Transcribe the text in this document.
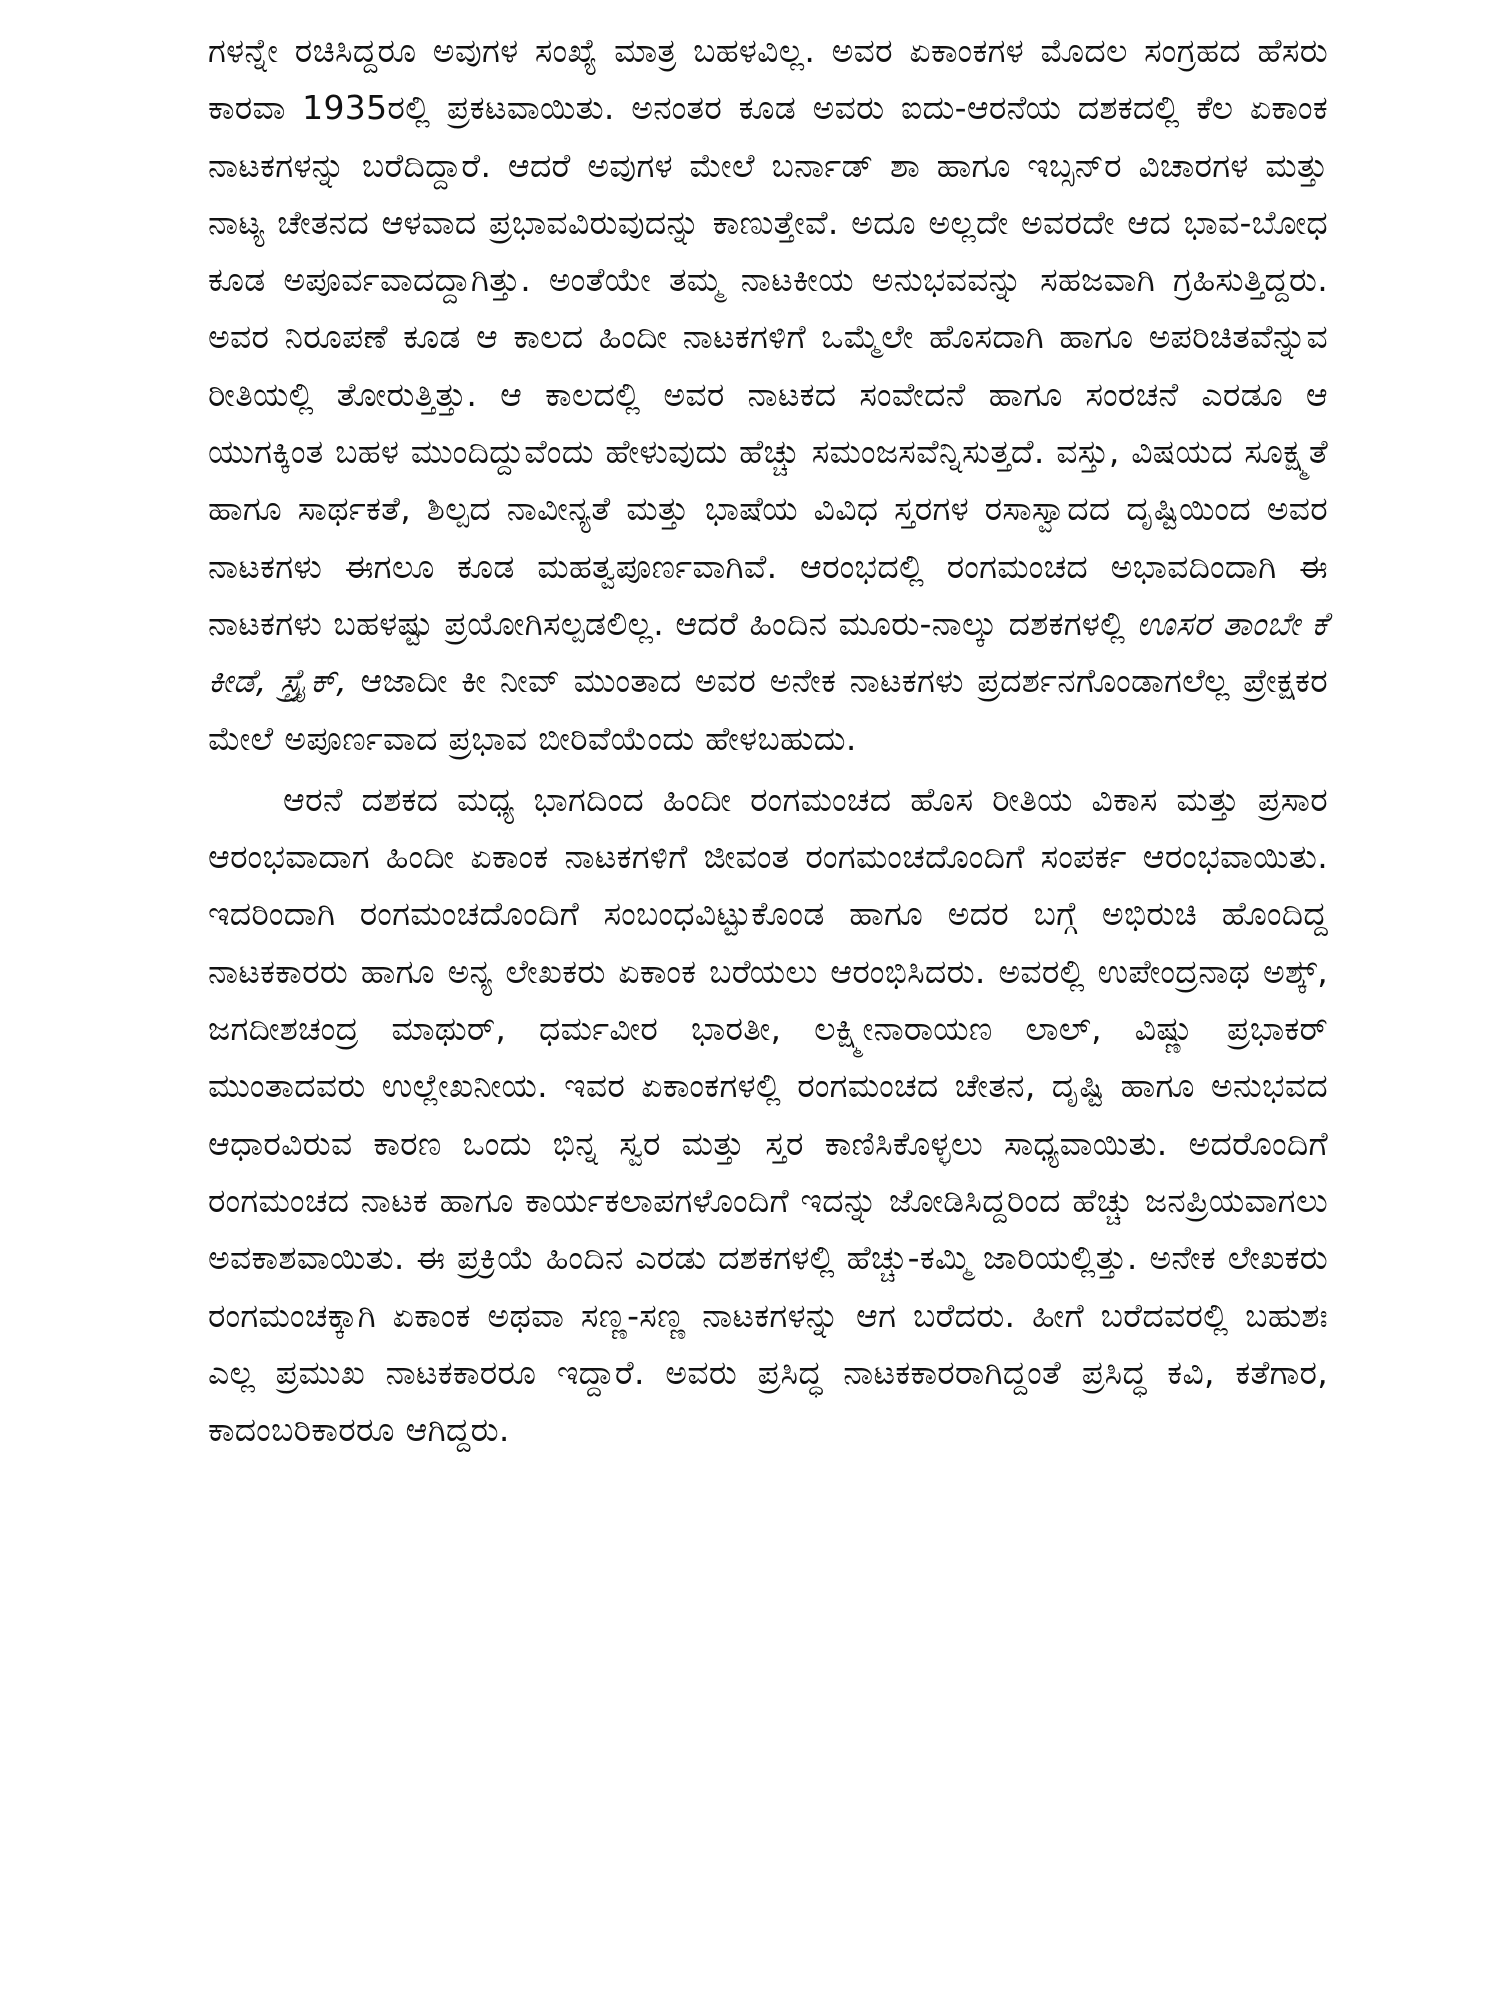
ಗಳನ್ನೇ ರಚಿಸಿದ್ದರೂ ಅವುಗಳ ಸಂಖ್ಯೆ ಮಾತ್ರ ಬಹಳವಿಲ್ಲ. ಅವರ ಏಕಾಂಕಗಳ ಮೊದಲ ಸಂಗ್ರಹದ ಹೆಸರು ಕಾರವಾ 1935ರಲ್ಲಿ ಪ್ರಕಟವಾಯಿತು. ಅನಂತರ ಕೂಡ ಅವರು ಐದು-ಆರನೆಯ ದಶಕದಲ್ಲಿ ಕೆಲ ಏಕಾಂಕ ನಾಟಕಗಳನ್ನು ಬರೆದಿದ್ದಾರೆ. ಆದರೆ ಅವುಗಳ ಮೇಲೆ ಬರ್ನಾಡ್ ಶಾ ಹಾಗೂ ಇಬ್ಸನ್‌ರ ವಿಚಾರಗಳ ಮತ್ತು ನಾಟ್ಯ ಚೇತನದ ಆಳವಾದ ಪ್ರಭಾವವಿರುವುದನ್ನು ಕಾಣುತ್ತೇವೆ. ಅದೂ ಅಲ್ಲದೇ ಅವರದೇ ಆದ ಭಾವ-ಬೋಧ ಕೂಡ ಅಪೂರ್ವವಾದದ್ದಾಗಿತ್ತು. ಅಂತೆಯೇ ತಮ್ಮ ನಾಟಕೀಯ ಅನುಭವವನ್ನು ಸಹಜವಾಗಿ ಗ್ರಹಿಸುತ್ತಿದ್ದರು. ಅವರ ನಿರೂಪಣೆ ಕೂಡ ಆ ಕಾಲದ ಹಿಂದೀ ನಾಟಕಗಳಿಗೆ ಒಮ್ಮೆಲೇ ಹೊಸದಾಗಿ ಹಾಗೂ ಅಪರಿಚಿತವೆನ್ನುವ ರೀತಿಯಲ್ಲಿ ತೋರುತ್ತಿತ್ತು. ಆ ಕಾಲದಲ್ಲಿ ಅವರ ನಾಟಕದ ಸಂವೇದನೆ ಹಾಗೂ ಸಂರಚನೆ ಎರಡೂ ಆ ಯುಗಕ್ಕಿಂತ ಬಹಳ ಮುಂದಿದ್ದುವೆಂದು ಹೇಳುವುದು ಹೆಚ್ಚು ಸಮಂಜಸವೆನ್ನಿಸುತ್ತದೆ. ವಸ್ತು, ವಿಷಯದ ಸೂಕ್ಷ್ಮತೆ ಹಾಗೂ ಸಾರ್ಥಕತೆ, ಶಿಲ್ಪದ ನಾವೀನ್ಯತೆ ಮತ್ತು ಭಾಷೆಯ ವಿವಿಧ ಸ್ತರಗಳ ರಸಾಸ್ವಾದದ ದೃಷ್ಟಿಯಿಂದ ಅವರ ನಾಟಕಗಳು ಈಗಲೂ ಕೂಡ ಮಹತ್ವಪೂರ್ಣವಾಗಿವೆ. ಆರಂಭದಲ್ಲಿ ರಂಗಮಂಚದ ಅಭಾವದಿಂದಾಗಿ ಈ ನಾಟಕಗಳು ಬಹಳಷ್ಟು ಪ್ರಯೋಗಿಸಲ್ಪಡಲಿಲ್ಲ. ಆದರೆ ಹಿಂದಿನ ಮೂರು-ನಾಲ್ಕು ದಶಕಗಳಲ್ಲಿ ಊಸರ ತಾಂಬೇ ಕೆ ಕೀಡೆ, ಸ್ಟ್ರೈಕ್, ಆಜಾದೀ ಕೀ ನೀವ್ ಮುಂತಾದ ಅವರ ಅನೇಕ ನಾಟಕಗಳು ಪ್ರದರ್ಶನಗೊಂಡಾಗಲೆಲ್ಲ ಪ್ರೇಕ್ಷಕರ ಮೇಲೆ ಅಪೂರ್ಣವಾದ ಪ್ರಭಾವ ಬೀರಿವೆಯೆಂದು ಹೇಳಬಹುದು.

ಆರನೆ ದಶಕದ ಮಧ್ಯ ಭಾಗದಿಂದ ಹಿಂದೀ ರಂಗಮಂಚದ ಹೊಸ ರೀತಿಯ ವಿಕಾಸ ಮತ್ತು ಪ್ರಸಾರ ಆರಂಭವಾದಾಗ ಹಿಂದೀ ಏಕಾಂಕ ನಾಟಕಗಳಿಗೆ ಜೀವಂತ ರಂಗಮಂಚದೊಂದಿಗೆ ಸಂಪರ್ಕ ಆರಂಭವಾಯಿತು. ಇದರಿಂದಾಗಿ ರಂಗಮಂಚದೊಂದಿಗೆ ಸಂಬಂಧವಿಟ್ಟುಕೊಂಡ ಹಾಗೂ ಅದರ ಬಗ್ಗೆ ಅಭಿರುಚಿ ಹೊಂದಿದ್ದ ನಾಟಕಕಾರರು ಹಾಗೂ ಅನ್ಯ ಲೇಖಕರು ಏಕಾಂಕ ಬರೆಯಲು ಆರಂಭಿಸಿದರು. ಅವರಲ್ಲಿ ಉಪೇಂದ್ರನಾಥ ಅಶ್ಕ್, ಜಗದೀಶಚಂದ್ರ ಮಾಥುರ್, ಧರ್ಮವೀರ ಭಾರತೀ, ಲಕ್ಷ್ಮೀನಾರಾಯಣ ಲಾಲ್, ವಿಷ್ಣು ಪ್ರಭಾಕರ್ ಮುಂತಾದವರು ಉಲ್ಲೇಖನೀಯ. ಇವರ ಏಕಾಂಕಗಳಲ್ಲಿ ರಂಗಮಂಚದ ಚೇತನ, ದೃಷ್ಟಿ ಹಾಗೂ ಅನುಭವದ ಆಧಾರವಿರುವ ಕಾರಣ ಒಂದು ಭಿನ್ನ ಸ್ವರ ಮತ್ತು ಸ್ತರ ಕಾಣಿಸಿಕೊಳ್ಳಲು ಸಾಧ್ಯವಾಯಿತು. ಅದರೊಂದಿಗೆ ರಂಗಮಂಚದ ನಾಟಕ ಹಾಗೂ ಕಾರ್ಯಕಲಾಪಗಳೊಂದಿಗೆ ಇದನ್ನು ಜೋಡಿಸಿದ್ದರಿಂದ ಹೆಚ್ಚು ಜನಪ್ರಿಯವಾಗಲು ಅವಕಾಶವಾಯಿತು. ಈ ಪ್ರಕ್ರಿಯೆ ಹಿಂದಿನ ಎರಡು ದಶಕಗಳಲ್ಲಿ ಹೆಚ್ಚು-ಕಮ್ಮಿ ಜಾರಿಯಲ್ಲಿತ್ತು. ಅನೇಕ ಲೇಖಕರು ರಂಗಮಂಚಕ್ಕಾಗಿ ಏಕಾಂಕ ಅಥವಾ ಸಣ್ಣ-ಸಣ್ಣ ನಾಟಕಗಳನ್ನು ಆಗ ಬರೆದರು. ಹೀಗೆ ಬರೆದವರಲ್ಲಿ ಬಹುಶಃ ಎಲ್ಲ ಪ್ರಮುಖ ನಾಟಕಕಾರರೂ ಇದ್ದಾರೆ. ಅವರು ಪ್ರಸಿದ್ಧ ನಾಟಕಕಾರರಾಗಿದ್ದಂತೆ ಪ್ರಸಿದ್ಧ ಕವಿ, ಕತೆಗಾರ, ಕಾದಂಬರಿಕಾರರೂ ಆಗಿದ್ದರು.
